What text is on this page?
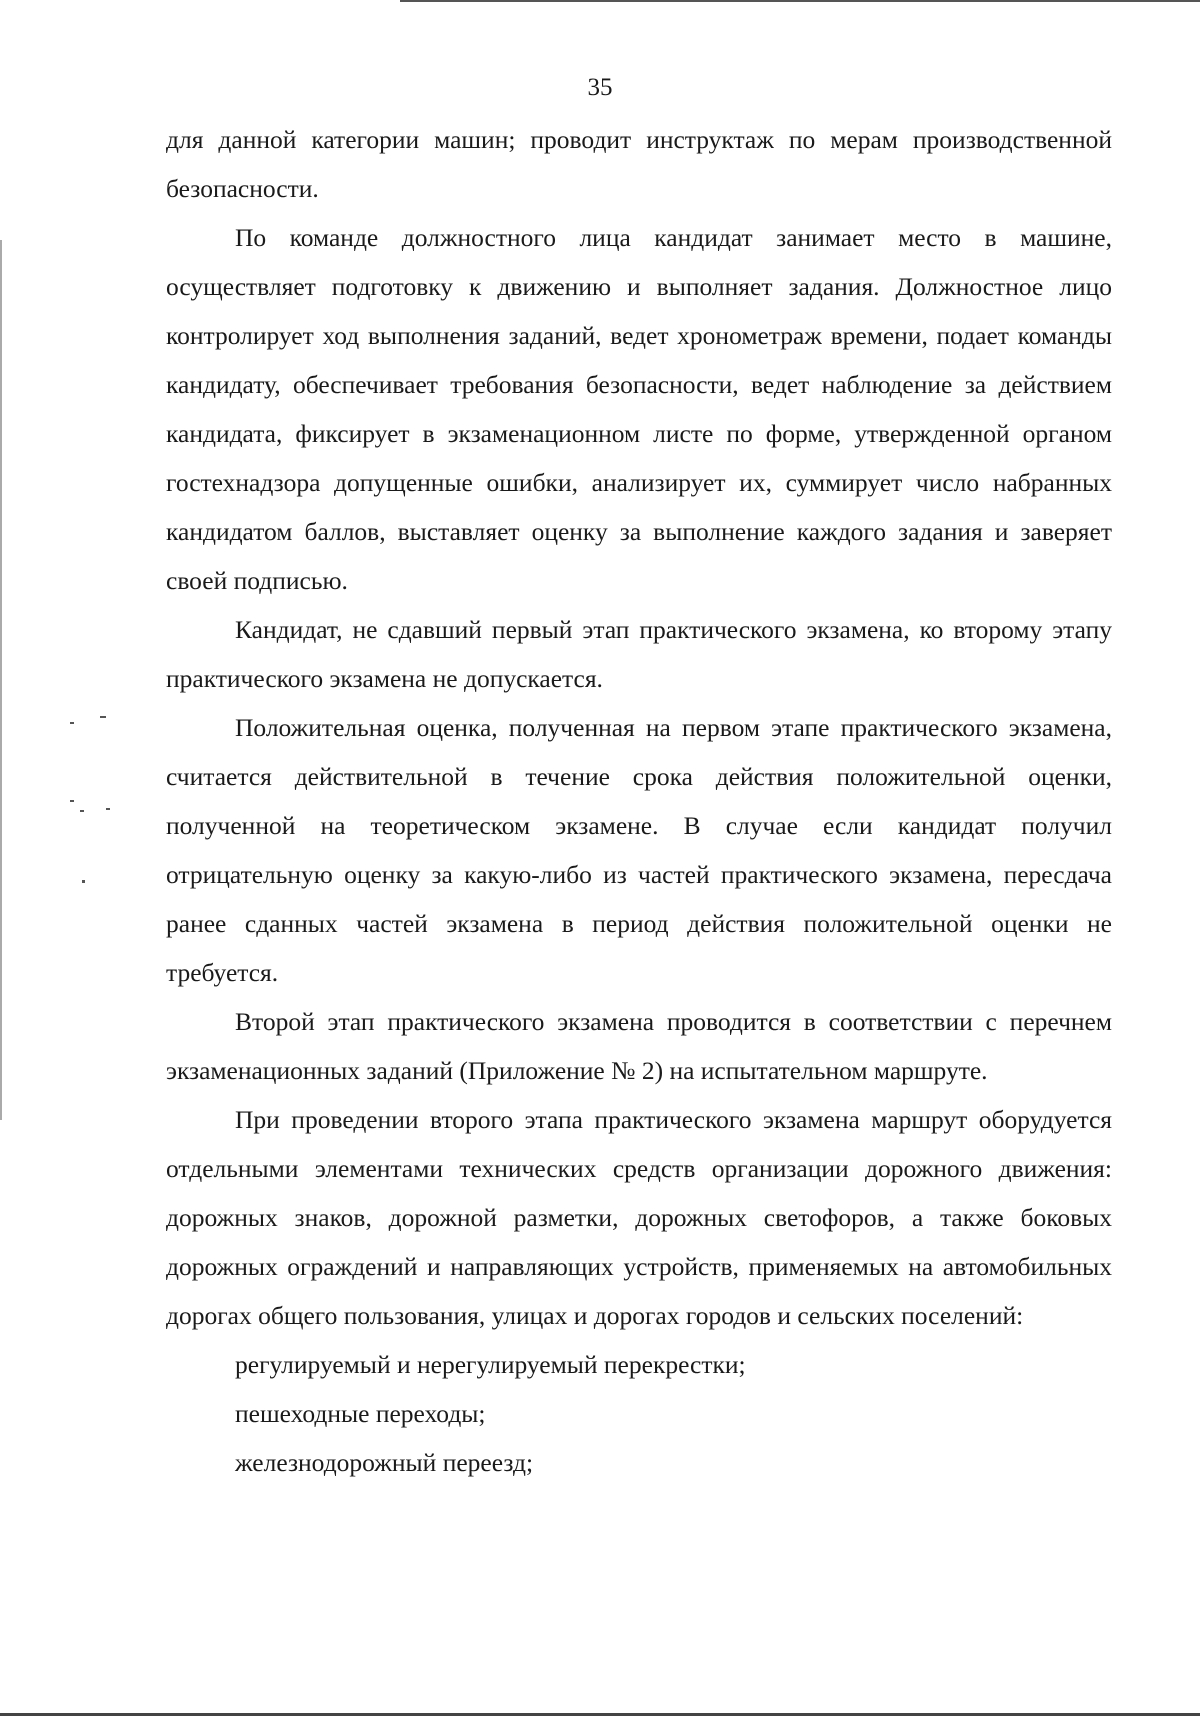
35

для данной категории машин; проводит инструктаж по мерам производственной безопасности.

По команде должностного лица кандидат занимает место в машине, осуществляет подготовку к движению и выполняет задания. Должностное лицо контролирует ход выполнения заданий, ведет хронометраж времени, подает команды кандидату, обеспечивает требования безопасности, ведет наблюдение за действием кандидата, фиксирует в экзаменационном листе по форме, утвержденной органом гостехнадзора допущенные ошибки, анализирует их, суммирует число набранных кандидатом баллов, выставляет оценку за выполнение каждого задания и заверяет своей подписью.

Кандидат, не сдавший первый этап практического экзамена, ко второму этапу практического экзамена не допускается.

Положительная оценка, полученная на первом этапе практического экзамена, считается действительной в течение срока действия положительной оценки, полученной на теоретическом экзамене. В случае если кандидат получил отрицательную оценку за какую-либо из частей практического экзамена, пересдача ранее сданных частей экзамена в период действия положительной оценки не требуется.

Второй этап практического экзамена проводится в соответствии с перечнем экзаменационных заданий (Приложение № 2) на испытательном маршруте.

При проведении второго этапа практического экзамена маршрут оборудуется отдельными элементами технических средств организации дорожного движения: дорожных знаков, дорожной разметки, дорожных светофоров, а также боковых дорожных ограждений и направляющих устройств, применяемых на автомобильных дорогах общего пользования, улицах и дорогах городов и сельских поселений:

регулируемый и нерегулируемый перекрестки;

пешеходные переходы;

железнодорожный переезд;
